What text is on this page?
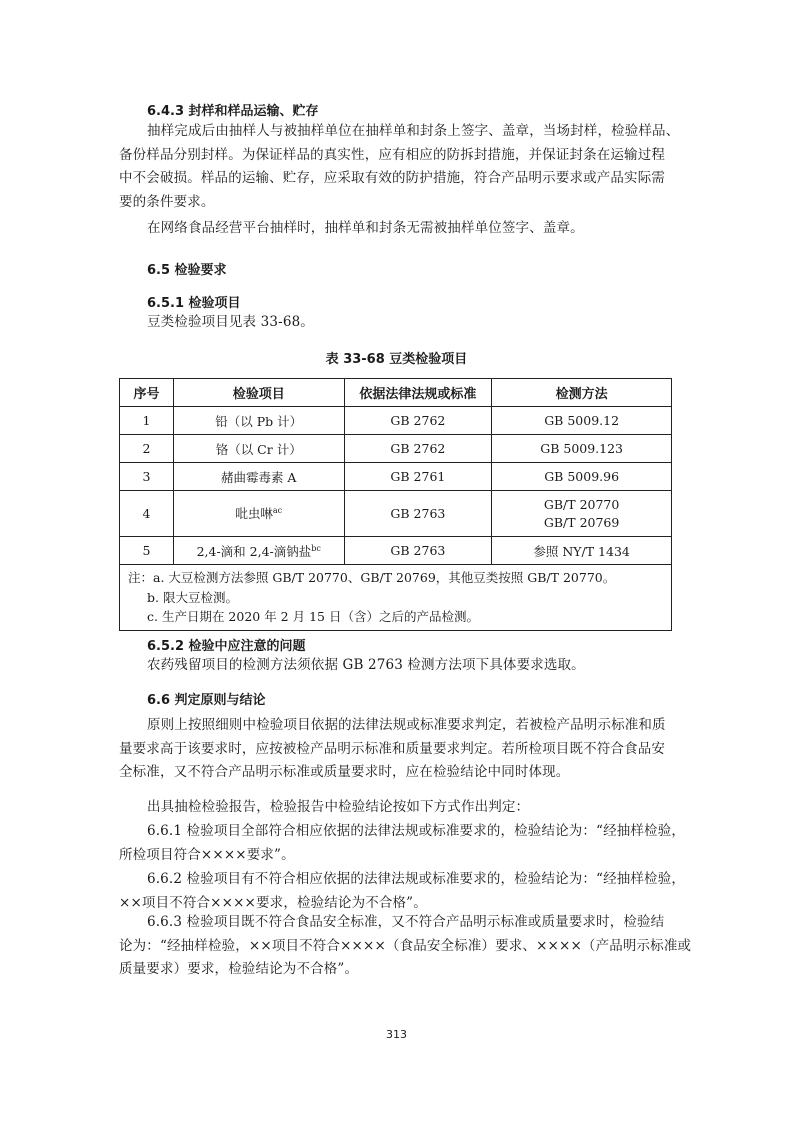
6.4.3 封样和样品运输、贮存
抽样完成后由抽样人与被抽样单位在抽样单和封条上签字、盖章，当场封样，检验样品、
备份样品分别封样。为保证样品的真实性，应有相应的防拆封措施，并保证封条在运输过程
中不会破损。样品的运输、贮存，应采取有效的防护措施，符合产品明示要求或产品实际需
要的条件要求。
在网络食品经营平台抽样时，抽样单和封条无需被抽样单位签字、盖章。
6.5 检验要求
6.5.1 检验项目
豆类检验项目见表 33-68。
表 33-68 豆类检验项目
序号	检验项目	依据法律法规或标准	检测方法
1	铅（以 Pb 计）	GB 2762	GB 5009.12
2	铬（以 Cr 计）	GB 2762	GB 5009.123
3	赭曲霉毒素 A	GB 2761	GB 5009.96
4	吡虫啉$^{ac}$	GB 2763	GB/T 20770
GB/T 20769

5	2,4-滴和 2,4-滴钠盐$^{bc}$	GB 2763	参照 NY/T 1434

注：a. 大豆检测方法参照 GB/T 20770、GB/T 20769，其他豆类按照 GB/T 20770。
b. 限大豆检测。
c. 生产日期在 2020 年 2 月 15 日（含）之后的产品检测。			
6.5.2 检验中应注意的问题
农药残留项目的检测方法须依据 GB 2763 检测方法项下具体要求选取。
6.6 判定原则与结论
原则上按照细则中检验项目依据的法律法规或标准要求判定，若被检产品明示标准和质
量要求高于该要求时，应按被检产品明示标准和质量要求判定。若所检项目既不符合食品安
全标准，又不符合产品明示标准或质量要求时，应在检验结论中同时体现。
出具抽检检验报告，检验报告中检验结论按如下方式作出判定：
6.6.1 检验项目全部符合相应依据的法律法规或标准要求的，检验结论为：“经抽样检验，
所检项目符合××××要求”。
6.6.2 检验项目有不符合相应依据的法律法规或标准要求的，检验结论为：“经抽样检验，
××项目不符合××××要求，检验结论为不合格”。
6.6.3 检验项目既不符合食品安全标准，又不符合产品明示标准或质量要求时，检验结
论为：“经抽样检验，××项目不符合××××（食品安全标准）要求、××××（产品明示标准或
质量要求）要求，检验结论为不合格”。
313
